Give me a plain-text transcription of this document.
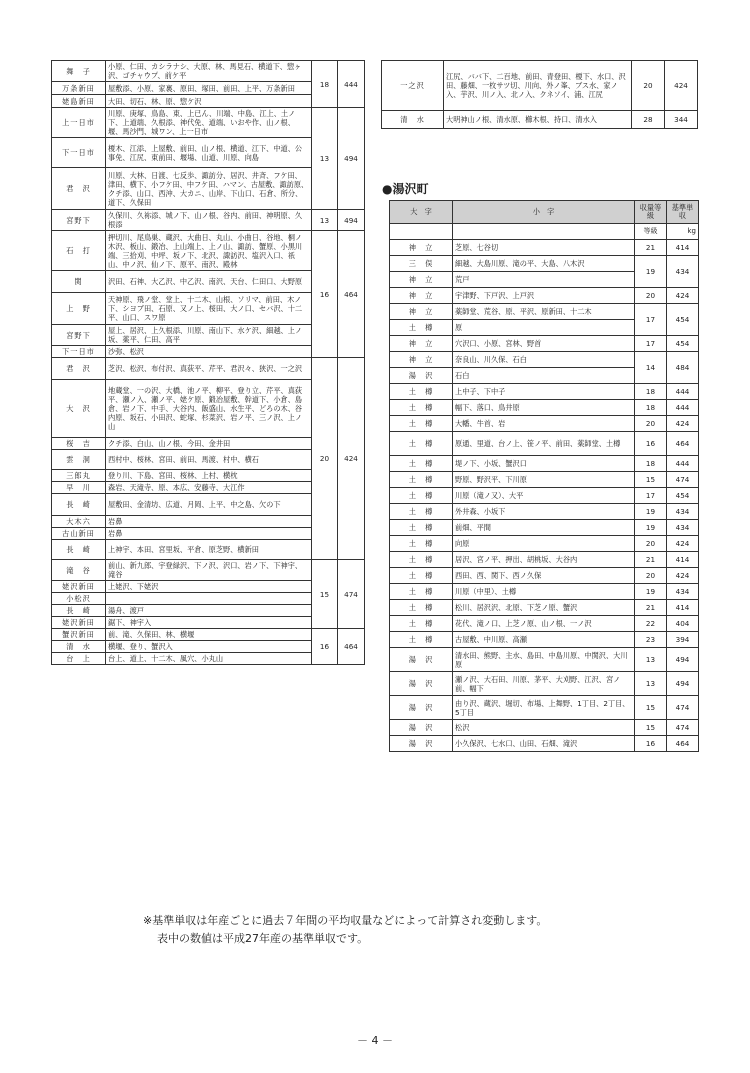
舞　子	小原、仁田、カシラナシ、大原、林、馬見石、横道下、惣ヶ沢、ゴチャウプ、前ケ平	18	444
万条新田	屋敷添、小原、家裏、原田、塚田、前田、上平、万条新田		
姥島新田	大田、切石、林、原、惣ケ沢		
上一日市	川原、庚塚、鳥島、東、上已ん、川端、中島、江上、土ノ下、上道端、久根添、神代免、道端、いおや作、山ノ根、堰、馬沙門、城ワン、上一日市	13	494
下一日市	榎木、江添、上屋敷、前田、山ノ根、横道、江下、中道、公事免、江尻、東前田、堰場、山道、川原、向島		
君　沢	川原、大林、日渡、七反歩、諏訪分、居沢、井斉、フケ田、津田、横下、小フケ田、中フケ田、ハマン、古屋敷、諏訪原、クチ添、山口、西沖、大カニ、山岸、下山口、石倉、所分、道下、久保田		
宮野下	久保川、久袮添、城ノ下、山ノ根、谷内、前田、神明原、久根添	13	494
石　打	押切川、尾鳥巣、蔵沢、大曲日、丸山、小曲日、谷地、桐ノ木沢、板山、鍛冶、上山端上、上ノ山、諏訪、蟹原、小黒川端、三拾刈、中坪、坂ノ下、北沢、諏訪沢、塩沢入口、祇山、中ノ沢、仙ノ下、原平、南沢、殿林	16	464
関	沢田、石神、大乙沢、中乙沢、南沢、天台、仁田口、大野原		
上　野	天神原、飛ノ堂、堂上、十二木、山根、ソリマ、前田、木ノ下、シヨブ田、石原、又ノ上、桜田、大ノ口、セバ沢、十二平、山口、スワ原		
宮野下	屋上、居沢、上久根添、川原、南山下、水ケ沢、細越、上ノ坂、薬平、仁田、高平		
下一日市	沙弥、松沢		
君　沢	芝沢、松沢、布付沢、真荻平、芹平、君沢々、狭沢、一之沢	20	424
大　沢	地蔵堂、一の沢、大橋、池ノ平、柳平、登り立、芹平、真荻平、瀬ノ入、瀬ノ平、姥ケ原、鍛冶屋敷、幹道下、小倉、島倉、岩ノ下、中手、大谷内、飯盛山、水生平、どろの木、谷内原、坂石、小田沢、蛇塚、杉菜沢、岩ノ平、三ノ沢、上ノ山		
桜　吉	クチ添、白山、山ノ根、今田、金井田		
雲　洞	西村中、桜林、宮田、前田、馬渡、村中、横石		
三郎丸	登り川、下島、宮田、桜林、上村、横枕		
早　川	森岩、天滝寺、原、本広、安藤寺、大江作		
長　崎	屋敷田、金清坊、広道、月岡、上平、中之島、欠の下		
大木六	岩鼻		
古山新田	岩鼻		
長　崎	上神宇、本田、宮里坂、平倉、原芝野、横新田		
滝　谷	前山、新九郎、宇登緑沢、下ノ沢、沢口、岩ノ下、下神宇、滝谷	15	474
姥沢新田	上姥沢、下姥沢		
小松沢			
長　崎	湯舟、渡戸		
姥沢新田	鋸下、神宇入		
蟹沢新田	前、滝、久保田、林、横堰	16	464
清　水	横堰、登り、蟹沢入		
台　上	台上、道上、十二木、風穴、小丸山		
一之沢	江尻、ババ下、二百地、前田、青登田、榎下、水口、沢田、藤畑、一枚サツ切、川向、外ノ峯、ブス水、家ノ入、芋沢、川ノ入、北ノ入、クネソイ、浦、江尻	20	424
清　水	大明神山ノ根、清水原、櫛木根、持口、清水入	28	344
●湯沢町
大　字	小　字	収量等級	基準単収
		等級	kg
神　立	芝原、七谷切	21	414
三　俣	細越、大島川原、滝の平、大島、八木沢	19	434
神　立	荒戸		
神　立	宇津野、下戸沢、上戸沢	20	424
神　立	薬師堂、荒谷、原、平沢、原新田、十二木	17	454
土　樽	原		
神　立	穴沢口、小原、宮林、野首	17	454
神　立	奈良山、川久保、石白	14	484
湯　沢	石白		
土　樽	上中子、下中子	18	444
土　樽	幅下、落口、鳥井原	18	444
土　樽	大幡、牛首、岩	20	424
土　樽	原通、里道、台ノ上、笹ノ平、前田、薬師堂、土樽	16	464
土　樽	堤ノ下、小坂、蟹沢口	18	444
土　樽	野原、野沢平、下川原	15	474
土　樽	川原（滝ノ又）、大平	17	454
土　樽	外井森、小坂下	19	434
土　樽	前畑、平間	19	434
土　樽	向原	20	424
土　樽	居沢、宮ノ平、押出、胡桃坂、大谷内	21	414
土　樽	西田、西、関下、西ノ久保	20	424
土　樽	川原（中里）、土樽	19	434
土　樽	松川、居沢沢、北原、下芝ノ原、蟹沢	21	414
土　樽	花代、滝ノ口、上芝ノ原、山ノ根、一ノ沢	22	404
土　樽	古屋敷、中川原、高瀬	23	394
湯　沢	清水田、熊野、主水、島田、中島川原、中関沢、大川原	13	494
湯　沢	瀬ノ沢、大石田、川原、茅平、大刈野、江沢、宮ノ前、幅下	13	494
湯　沢	由り沢、蔵沢、堀切、布場、上舞野、1丁目、2丁目、5丁目	15	474
湯　沢	松沢	15	474
湯　沢	小久保沢、七水口、山田、石畑、滝沢	16	464

※基準単収は年産ごとに過去７年間の平均収量などによって計算され変動します。

表中の数値は平成27年産の基準単収です。

－ 4 －
